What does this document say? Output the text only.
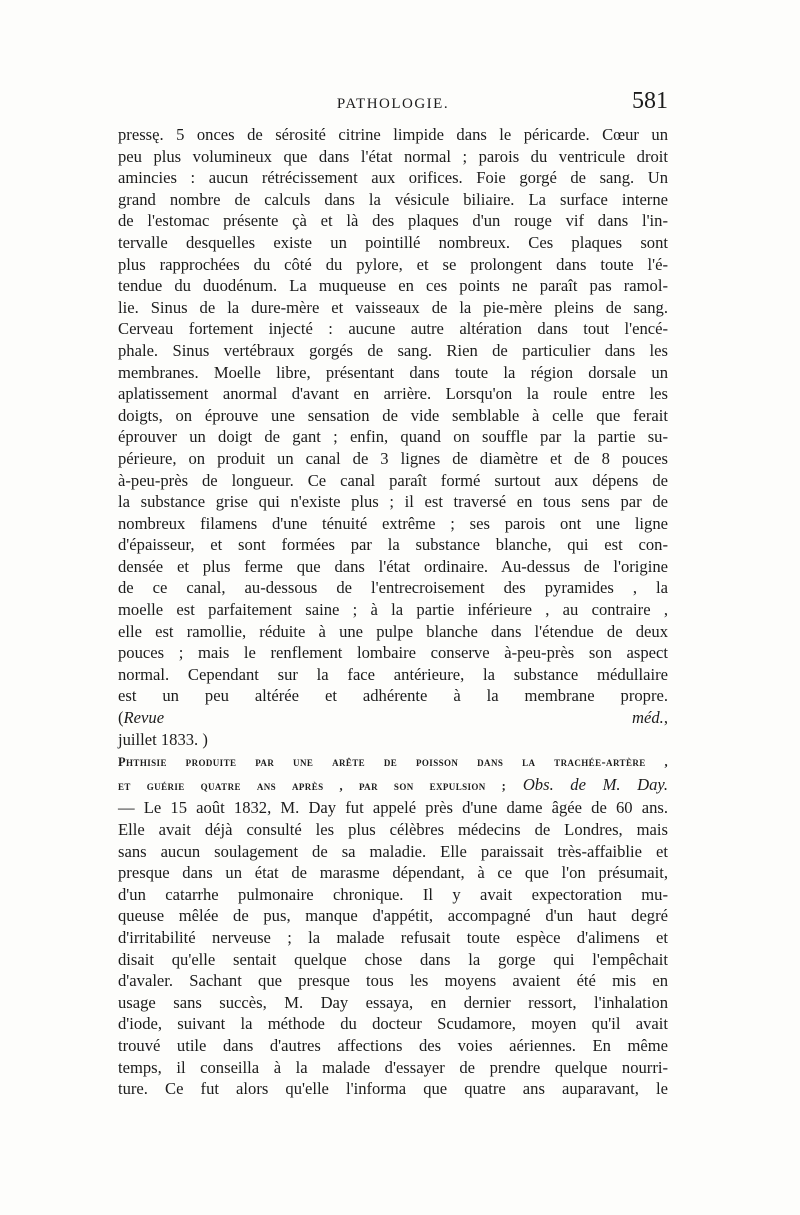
PATHOLOGIE.	581
pressę. 5 onces de sérosité citrine limpide dans le péricarde. Cœur un
peu plus volumineux que dans l'état normal ; parois du ventricule droit
amincies : aucun rétrécissement aux orifices. Foie gorgé de sang. Un
grand nombre de calculs dans la vésicule biliaire. La surface interne
de l'estomac présente çà et là des plaques d'un rouge vif dans l'in-
tervalle desquelles existe un pointillé nombreux. Ces plaques sont
plus rapprochées du côté du pylore, et se prolongent dans toute l'é-
tendue du duodénum. La muqueuse en ces points ne paraît pas ramol-
lie. Sinus de la dure-mère et vaisseaux de la pie-mère pleins de sang.
Cerveau fortement injecté : aucune autre altération dans tout l'encé-
phale. Sinus vertébraux gorgés de sang. Rien de particulier dans les
membranes. Moelle libre, présentant dans toute la région dorsale un
aplatissement anormal d'avant en arrière. Lorsqu'on la roule entre les
doigts, on éprouve une sensation de vide semblable à celle que ferait
éprouver un doigt de gant ; enfin, quand on souffle par la partie su-
périeure, on produit un canal de 3 lignes de diamètre et de 8 pouces
à-peu-près de longueur. Ce canal paraît formé surtout aux dépens de
la substance grise qui n'existe plus ; il est traversé en tous sens par de
nombreux filamens d'une ténuité extrême ; ses parois ont une ligne
d'épaisseur, et sont formées par la substance blanche, qui est con-
densée et plus ferme que dans l'état ordinaire. Au-dessus de l'origine
de ce canal, au-dessous de l'entrecroisement des pyramides , la
moelle est parfaitement saine ; à la partie inférieure , au contraire ,
elle est ramollie, réduite à une pulpe blanche dans l'étendue de deux
pouces ; mais le renflement lombaire conserve à-peu-près son aspect
normal. Cependant sur la face antérieure, la substance médullaire
est un peu altérée et adhérente à la membrane propre.
(Revue méd.,
juillet 1833. )
Phthisie produite par une arête de poisson dans la trachée-artère ,
et guérie quatre ans après , par son expulsion ; Obs. de M. Day.
— Le 15 août 1832, M. Day fut appelé près d'une dame âgée de 60 ans.
Elle avait déjà consulté les plus célèbres médecins de Londres, mais
sans aucun soulagement de sa maladie. Elle paraissait très-affaiblie et
presque dans un état de marasme dépendant, à ce que l'on présumait,
d'un catarrhe pulmonaire chronique. Il y avait expectoration mu-
queuse mêlée de pus, manque d'appétit, accompagné d'un haut degré
d'irritabilité nerveuse ; la malade refusait toute espèce d'alimens et
disait qu'elle sentait quelque chose dans la gorge qui l'empêchait
d'avaler. Sachant que presque tous les moyens avaient été mis en
usage sans succès, M. Day essaya, en dernier ressort, l'inhalation
d'iode, suivant la méthode du docteur Scudamore, moyen qu'il avait
trouvé utile dans d'autres affections des voies aériennes. En même
temps, il conseilla à la malade d'essayer de prendre quelque nourri-
ture. Ce fut alors qu'elle l'informa que quatre ans auparavant, le
